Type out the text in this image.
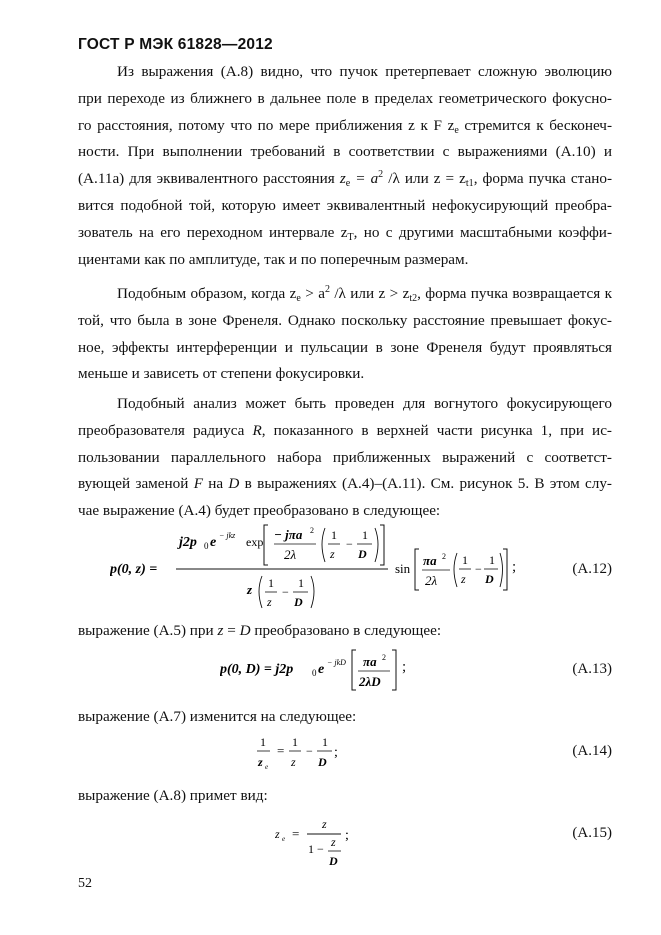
ГОСТ Р МЭК 61828—2012
Из выражения (А.8) видно, что пучок претерпевает сложную эволюцию
при переходе из ближнего в дальнее поле в пределах геометрического фокусно-
го расстояния, потому что по мере приближения z к F $z_e$ стремится к бесконеч-
ности. При выполнении требований в соответствии с выражениями (А.10) и
(А.11а) для эквивалентного расстояния $z_e = a^2$ /λ или $z = z_{t1}$, форма пучка стано-
вится подобной той, которую имеет эквивалентный нефокусирующий преобра-
зователь на его переходном интервале $z_T$, но с другими масштабными коэффи-
циентами как по амплитуде, так и по поперечным размерам.
Подобным образом, когда $z_e > a^2$ /λ или $z > z_{t2}$, форма пучка возвращается к
той, что была в зоне Френеля. Однако поскольку расстояние превышает фокус-
ное, эффекты интерференции и пульсации в зоне Френеля будут проявляться
меньше и зависеть от степени фокусировки.
Подобный анализ может быть проведен для вогнутого фокусирующего
преобразователя радиуса R, показанного в верхней части рисунка 1, при ис-
пользовании параллельного набора приближенных выражений с соответст-
вующей заменой F на D в выражениях (А.4)–(А.11). См. рисунок 5. В этом слу-
чае выражение (А.4) будет преобразовано в следующее:
p(0, z) =
j2p 0 e − jkz exp − jπa 2
2λ
1
z
−
1
D
z 1
z
−
1
D
sin
πa 2
2λ
1
z
−
1
D
;	(А.12)
выражение (А.5) при z = D преобразовано в следующее:
p(0, D) = j2p 0 e − jkD πa 2
2λD
;	(А.13)
выражение (А.7) изменится на следующее:
1
z e
=
1
z
−
1
D
;	(А.14)
выражение (А.8) примет вид:
z e =
z
1 − z
D
;	(А.15)
52
